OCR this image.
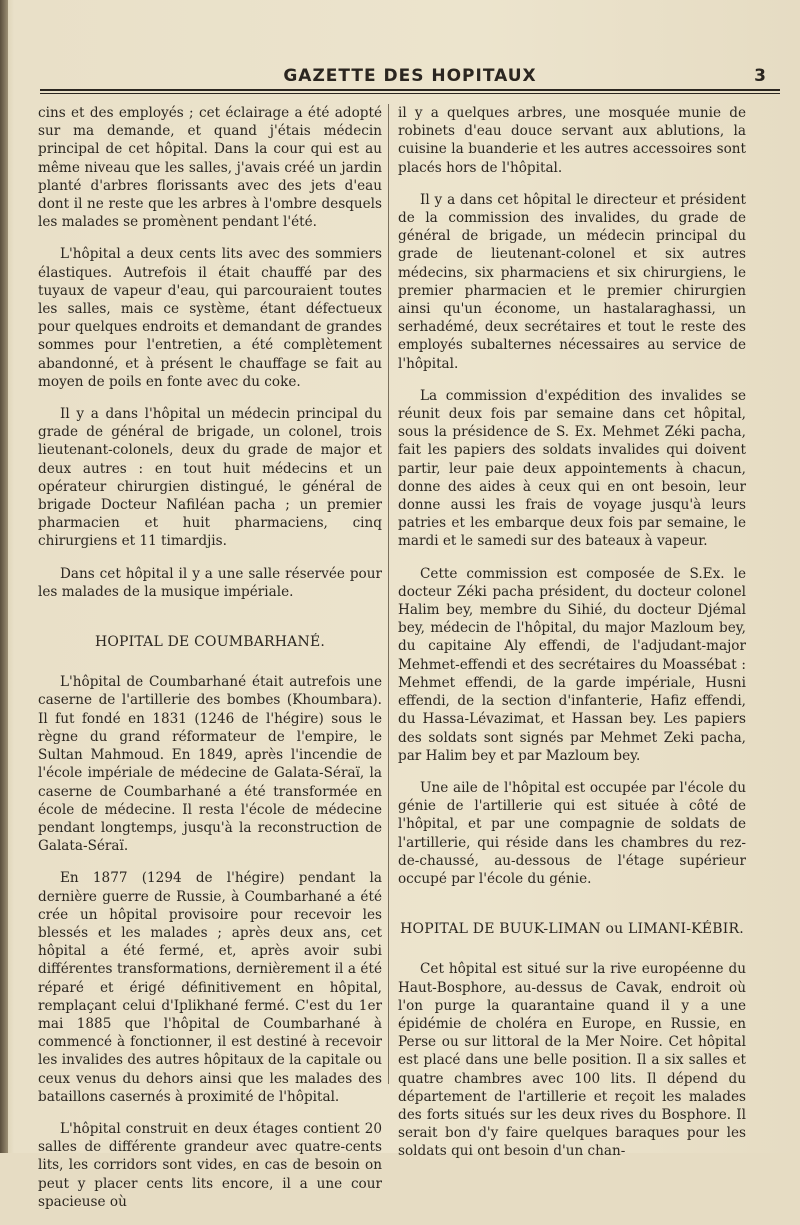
GAZETTE DES HOPITAUX	3

cins et des employés ; cet éclairage a été adopté sur ma demande, et quand j'étais médecin principal de cet hôpital. Dans la cour qui est au même niveau que les salles, j'avais créé un jardin planté d'arbres florissants avec des jets d'eau dont il ne reste que les arbres à l'ombre desquels les malades se promènent pendant l'été.

L'hôpital a deux cents lits avec des sommiers élastiques. Autrefois il était chauffé par des tuyaux de vapeur d'eau, qui parcouraient toutes les salles, mais ce système, étant défectueux pour quelques endroits et demandant de grandes sommes pour l'entretien, a été complètement abandonné, et à présent le chauffage se fait au moyen de poils en fonte avec du coke.

Il y a dans l'hôpital un médecin principal du grade de général de brigade, un colonel, trois lieutenant-colonels, deux du grade de major et deux autres : en tout huit médecins et un opérateur chirurgien distingué, le général de brigade Docteur Nafiléan pacha ; un premier pharmacien et huit pharmaciens, cinq chirurgiens et 11 timardjis.

Dans cet hôpital il y a une salle réservée pour les malades de la musique impériale.

HOPITAL DE COUMBARHANÉ.

L'hôpital de Coumbarhané était autrefois une caserne de l'artillerie des bombes (Khoumbara). Il fut fondé en 1831 (1246 de l'hégire) sous le règne du grand réformateur de l'empire, le Sultan Mahmoud. En 1849, après l'incendie de l'école impériale de médecine de Galata-Séraï, la caserne de Coumbarhané a été transformée en école de médecine. Il resta l'école de médecine pendant longtemps, jusqu'à la reconstruction de Galata-Séraï.

En 1877 (1294 de l'hégire) pendant la dernière guerre de Russie, à Coumbarhané a été crée un hôpital provisoire pour recevoir les blessés et les malades ; après deux ans, cet hôpital a été fermé, et, après avoir subi différentes transformations, dernièrement il a été réparé et érigé définitivement en hôpital, remplaçant celui d'Iplikhané fermé. C'est du 1er mai 1885 que l'hôpital de Coumbarhané à commencé à fonctionner, il est destiné à recevoir les invalides des autres hôpitaux de la capitale ou ceux venus du dehors ainsi que les malades des bataillons casernés à proximité de l'hôpital.

L'hôpital construit en deux étages contient 20 salles de différente grandeur avec quatre-cents lits, les corridors sont vides, en cas de besoin on peut y placer cents lits encore, il a une cour spacieuse où

il y a quelques arbres, une mosquée munie de robinets d'eau douce servant aux ablutions, la cuisine la buanderie et les autres accessoires sont placés hors de l'hôpital.

Il y a dans cet hôpital le directeur et président de la commission des invalides, du grade de général de brigade, un médecin principal du grade de lieutenant-colonel et six autres médecins, six pharmaciens et six chirurgiens, le premier pharmacien et le premier chirurgien ainsi qu'un économe, un hastalaraghassi, un serhadémé, deux secrétaires et tout le reste des employés subalternes nécessaires au service de l'hôpital.

La commission d'expédition des invalides se réunit deux fois par semaine dans cet hôpital, sous la présidence de S. Ex. Mehmet Zéki pacha, fait les papiers des soldats invalides qui doivent partir, leur paie deux appointements à chacun, donne des aides à ceux qui en ont besoin, leur donne aussi les frais de voyage jusqu'à leurs patries et les embarque deux fois par semaine, le mardi et le samedi sur des bateaux à vapeur.

Cette commission est composée de S.Ex. le docteur Zéki pacha président, du docteur colonel Halim bey, membre du Sihié, du docteur Djémal bey, médecin de l'hôpital, du major Mazloum bey, du capitaine Aly effendi, de l'adjudant-major Mehmet-effendi et des secrétaires du Moassébat : Mehmet effendi, de la garde impériale, Husni effendi, de la section d'infanterie, Hafiz effendi, du Hassa-Lévazimat, et Hassan bey. Les papiers des soldats sont signés par Mehmet Zeki pacha, par Halim bey et par Mazloum bey.

Une aile de l'hôpital est occupée par l'école du génie de l'artillerie qui est située à côté de l'hôpital, et par une compagnie de soldats de l'artillerie, qui réside dans les chambres du rez-de-chaussé, au-dessous de l'étage supérieur occupé par l'école du génie.

HOPITAL DE BUUK-LIMAN ou LIMANI-KÉBIR.

Cet hôpital est situé sur la rive européenne du Haut-Bosphore, au-dessus de Cavak, endroit où l'on purge la quarantaine quand il y a une épidémie de choléra en Europe, en Russie, en Perse ou sur littoral de la Mer Noire. Cet hôpital est placé dans une belle position. Il a six salles et quatre chambres avec 100 lits. Il dépend du département de l'artillerie et reçoit les malades des forts situés sur les deux rives du Bosphore. Il serait bon d'y faire quelques baraques pour les soldats qui ont besoin d'un chan-
